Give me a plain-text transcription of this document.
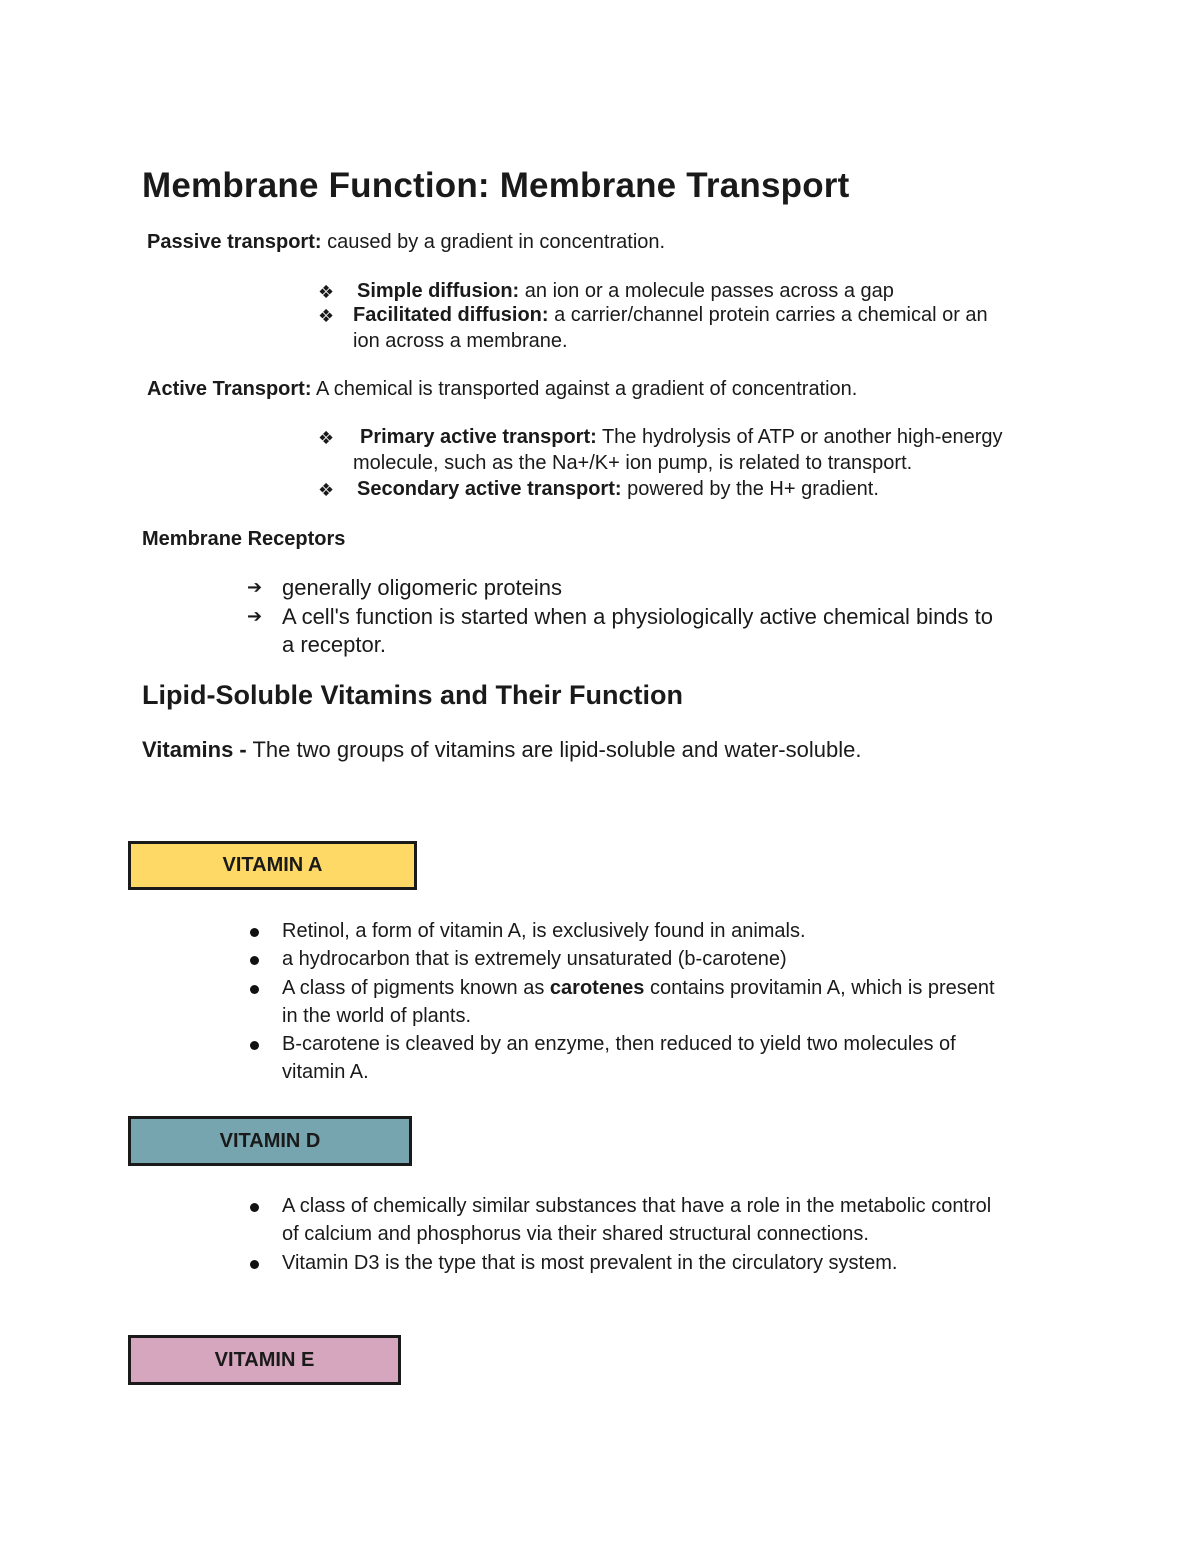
Membrane Function: Membrane Transport
Passive transport: caused by a gradient in concentration.
❖ Simple diffusion: an ion or a molecule passes across a gap
❖ Facilitated diffusion: a carrier/channel protein carries a chemical or an
ion across a membrane.
Active Transport: A chemical is transported against a gradient of concentration.
❖ Primary active transport: The hydrolysis of ATP or another high-energy
molecule, such as the Na+/K+ ion pump, is related to transport.
❖ Secondary active transport: powered by the H+ gradient.
Membrane Receptors
➔ generally oligomeric proteins
➔ A cell's function is started when a physiologically active chemical binds to
a receptor.
Lipid-Soluble Vitamins and Their Function
Vitamins - The two groups of vitamins are lipid-soluble and water-soluble.
VITAMIN A
Retinol, a form of vitamin A, is exclusively found in animals.
a hydrocarbon that is extremely unsaturated (b-carotene)
A class of pigments known as carotenes contains provitamin A, which is present
in the world of plants.
B-carotene is cleaved by an enzyme, then reduced to yield two molecules of
vitamin A.
VITAMIN D
A class of chemically similar substances that have a role in the metabolic control
of calcium and phosphorus via their shared structural connections.
Vitamin D3 is the type that is most prevalent in the circulatory system.
VITAMIN E
